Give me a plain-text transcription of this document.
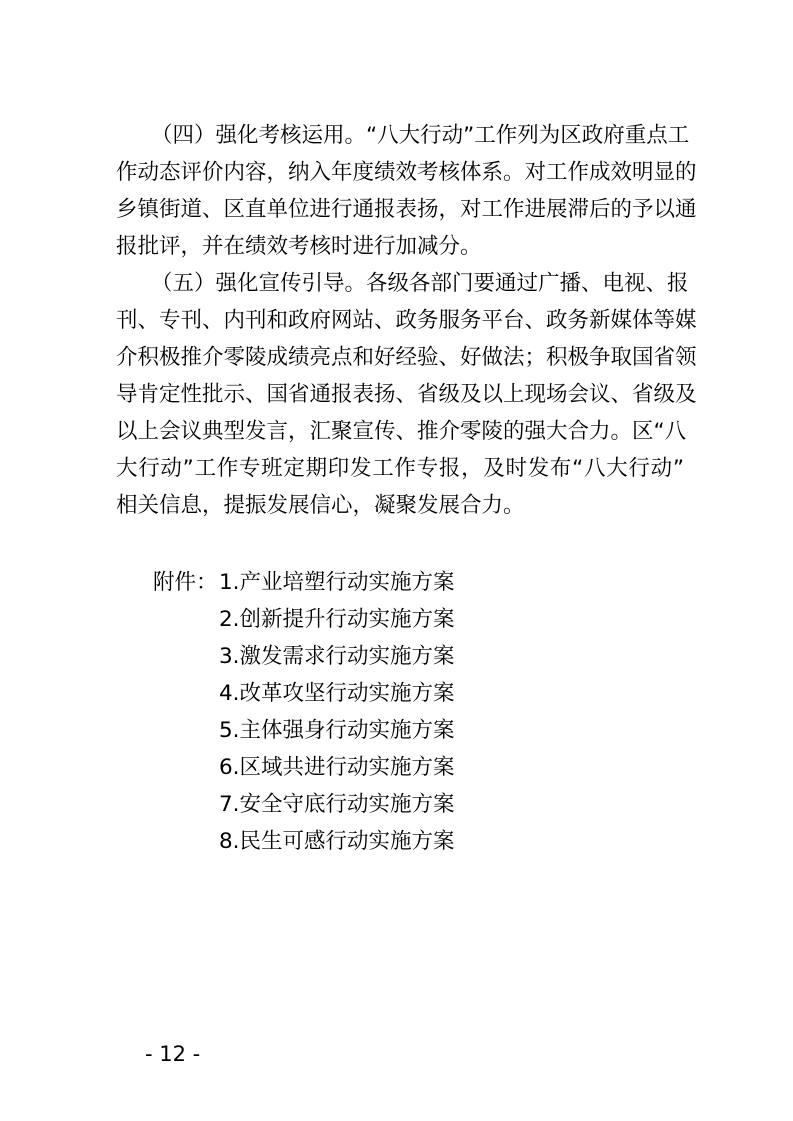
（四）强化考核运用。“八大行动”工作列为区政府重点工

作动态评价内容，纳入年度绩效考核体系。对工作成效明显的

乡镇街道、区直单位进行通报表扬，对工作进展滞后的予以通

报批评，并在绩效考核时进行加减分。

（五）强化宣传引导。各级各部门要通过广播、电视、报

刊、专刊、内刊和政府网站、政务服务平台、政务新媒体等媒

介积极推介零陵成绩亮点和好经验、好做法；积极争取国省领

导肯定性批示、国省通报表扬、省级及以上现场会议、省级及

以上会议典型发言，汇聚宣传、推介零陵的强大合力。区“八

大行动”工作专班定期印发工作专报，及时发布“八大行动”

相关信息，提振发展信心，凝聚发展合力。

附件： 1.产业培塑行动实施方案

2.创新提升行动实施方案

3.激发需求行动实施方案

4.改革攻坚行动实施方案

5.主体强身行动实施方案

6.区域共进行动实施方案

7.安全守底行动实施方案

8.民生可感行动实施方案

- 12 -
